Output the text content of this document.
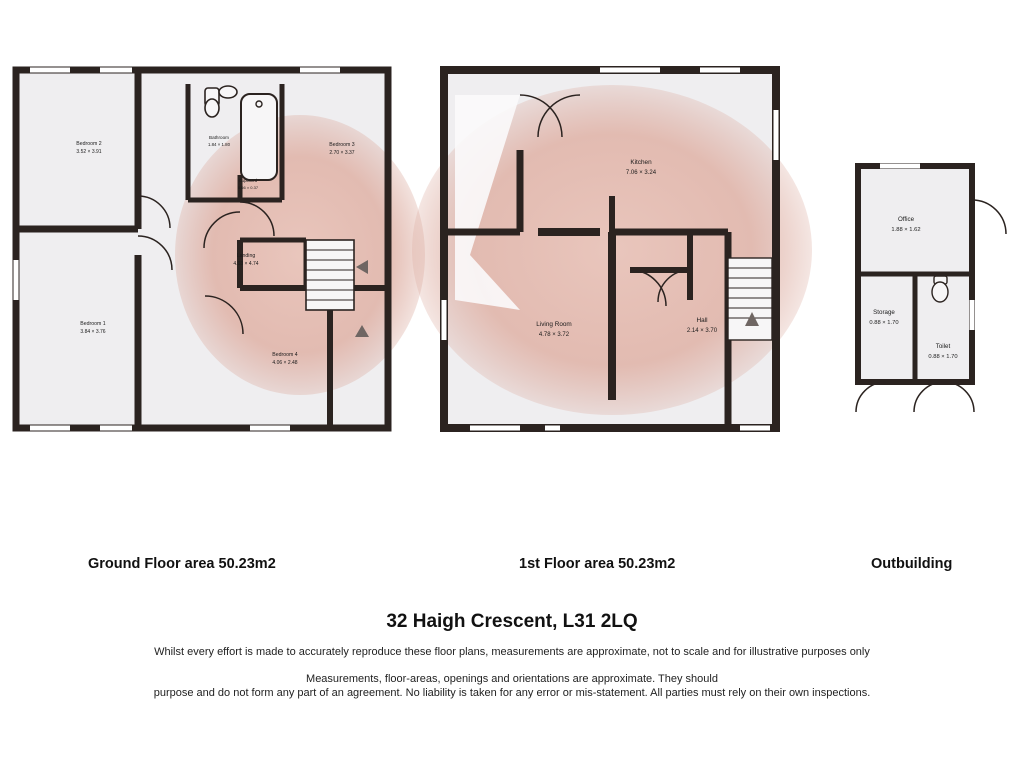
Bedroom 2
3.52 × 3.91
Bathroom
1.84 × 1.80
Cupboard
0.66 × 0.37
Bedroom 3
2.70 × 3.37
Landing
4.03 × 4.74
Bedroom 1
3.84 × 3.76
Bedroom 4
4.06 × 2.48
Kitchen
7.06 × 3.24
Living Room
4.78 × 3.72
Hall
2.14 × 3.70
Office
1.88 × 1.62
Storage
0.88 × 1.70
Toilet
0.88 × 1.70
Ground Floor area 50.23m2	1st Floor area 50.23m2	Outbuilding
32 Haigh Crescent, L31 2LQ
Whilst every effort is made to accurately reproduce these floor plans, measurements are approximate, not to scale and for illustrative purposes only
Measurements, floor-areas, openings and orientations are approximate. They should
purpose and do not form any part of an agreement. No liability is taken for any error or mis-statement. All parties must rely on their own inspections.
